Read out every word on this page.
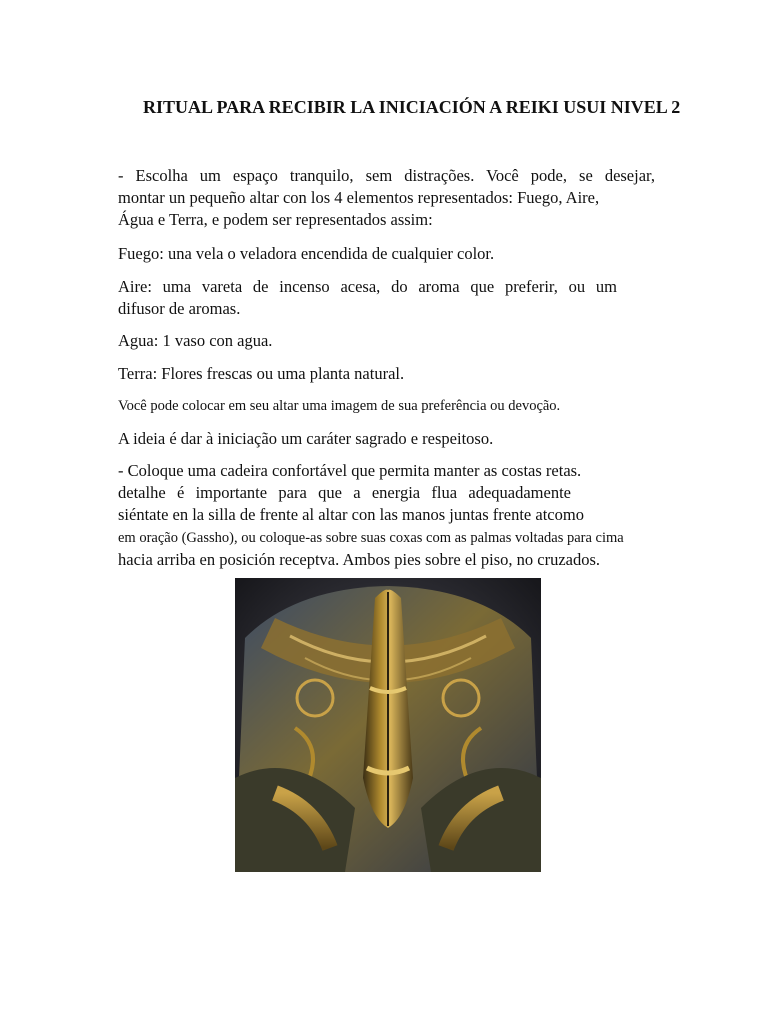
RITUAL PARA RECIBIR LA INICIACIÓN A REIKI USUI NIVEL 2
- Escolha um espaço tranquilo, sem distrações. Você pode, se desejar,
montar un pequeño altar con los 4 elementos representados: Fuego, Aire,
Água e Terra, e podem ser representados assim:
Fuego: una vela o veladora encendida de cualquier color.
Aire: uma vareta de incenso acesa, do aroma que preferir, ou um
difusor de aromas.
Agua: 1 vaso con agua.
Terra: Flores frescas ou uma planta natural.
Você pode colocar em seu altar uma imagem de sua preferência ou devoção.
A ideia é dar à iniciação um caráter sagrado e respeitoso.
- Coloque uma cadeira confortável que permita manter as costas retas.
detalhe é importante para que a energia flua adequadamente
siéntate en la silla de frente al altar con las manos juntas frente atcomo
em oração (Gassho), ou coloque-as sobre suas coxas com as palmas voltadas para cima
hacia arriba en posición receptva. Ambos pies sobre el piso, no cruzados.
